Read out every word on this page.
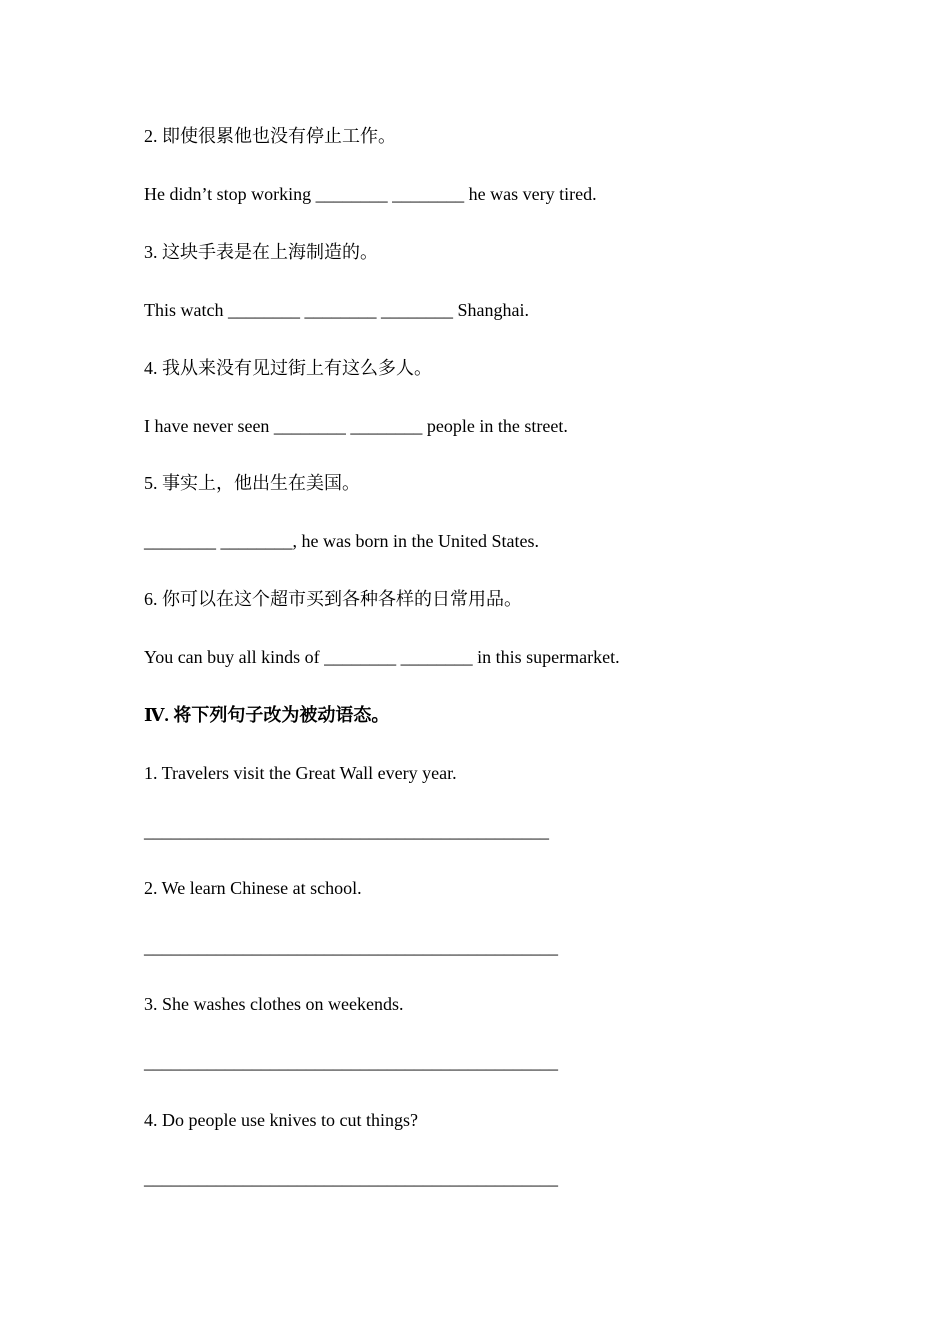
2. 即使很累他也没有停止工作。
He didn’t stop working ________ ________ he was very tired.
3. 这块手表是在上海制造的。
This watch ________ ________ ________ Shanghai.
4. 我从来没有见过街上有这么多人。
I have never seen ________ ________ people in the street.
5. 事实上，他出生在美国。
________ ________, he was born in the United States.
6. 你可以在这个超市买到各种各样的日常用品。
You can buy all kinds of ________ ________ in this supermarket.
Ⅳ. 将下列句子改为被动语态。
1. Travelers visit the Great Wall every year.
_____________________________________________
2. We learn Chinese at school.
______________________________________________
3. She washes clothes on weekends.
______________________________________________
4. Do people use knives to cut things?
______________________________________________
